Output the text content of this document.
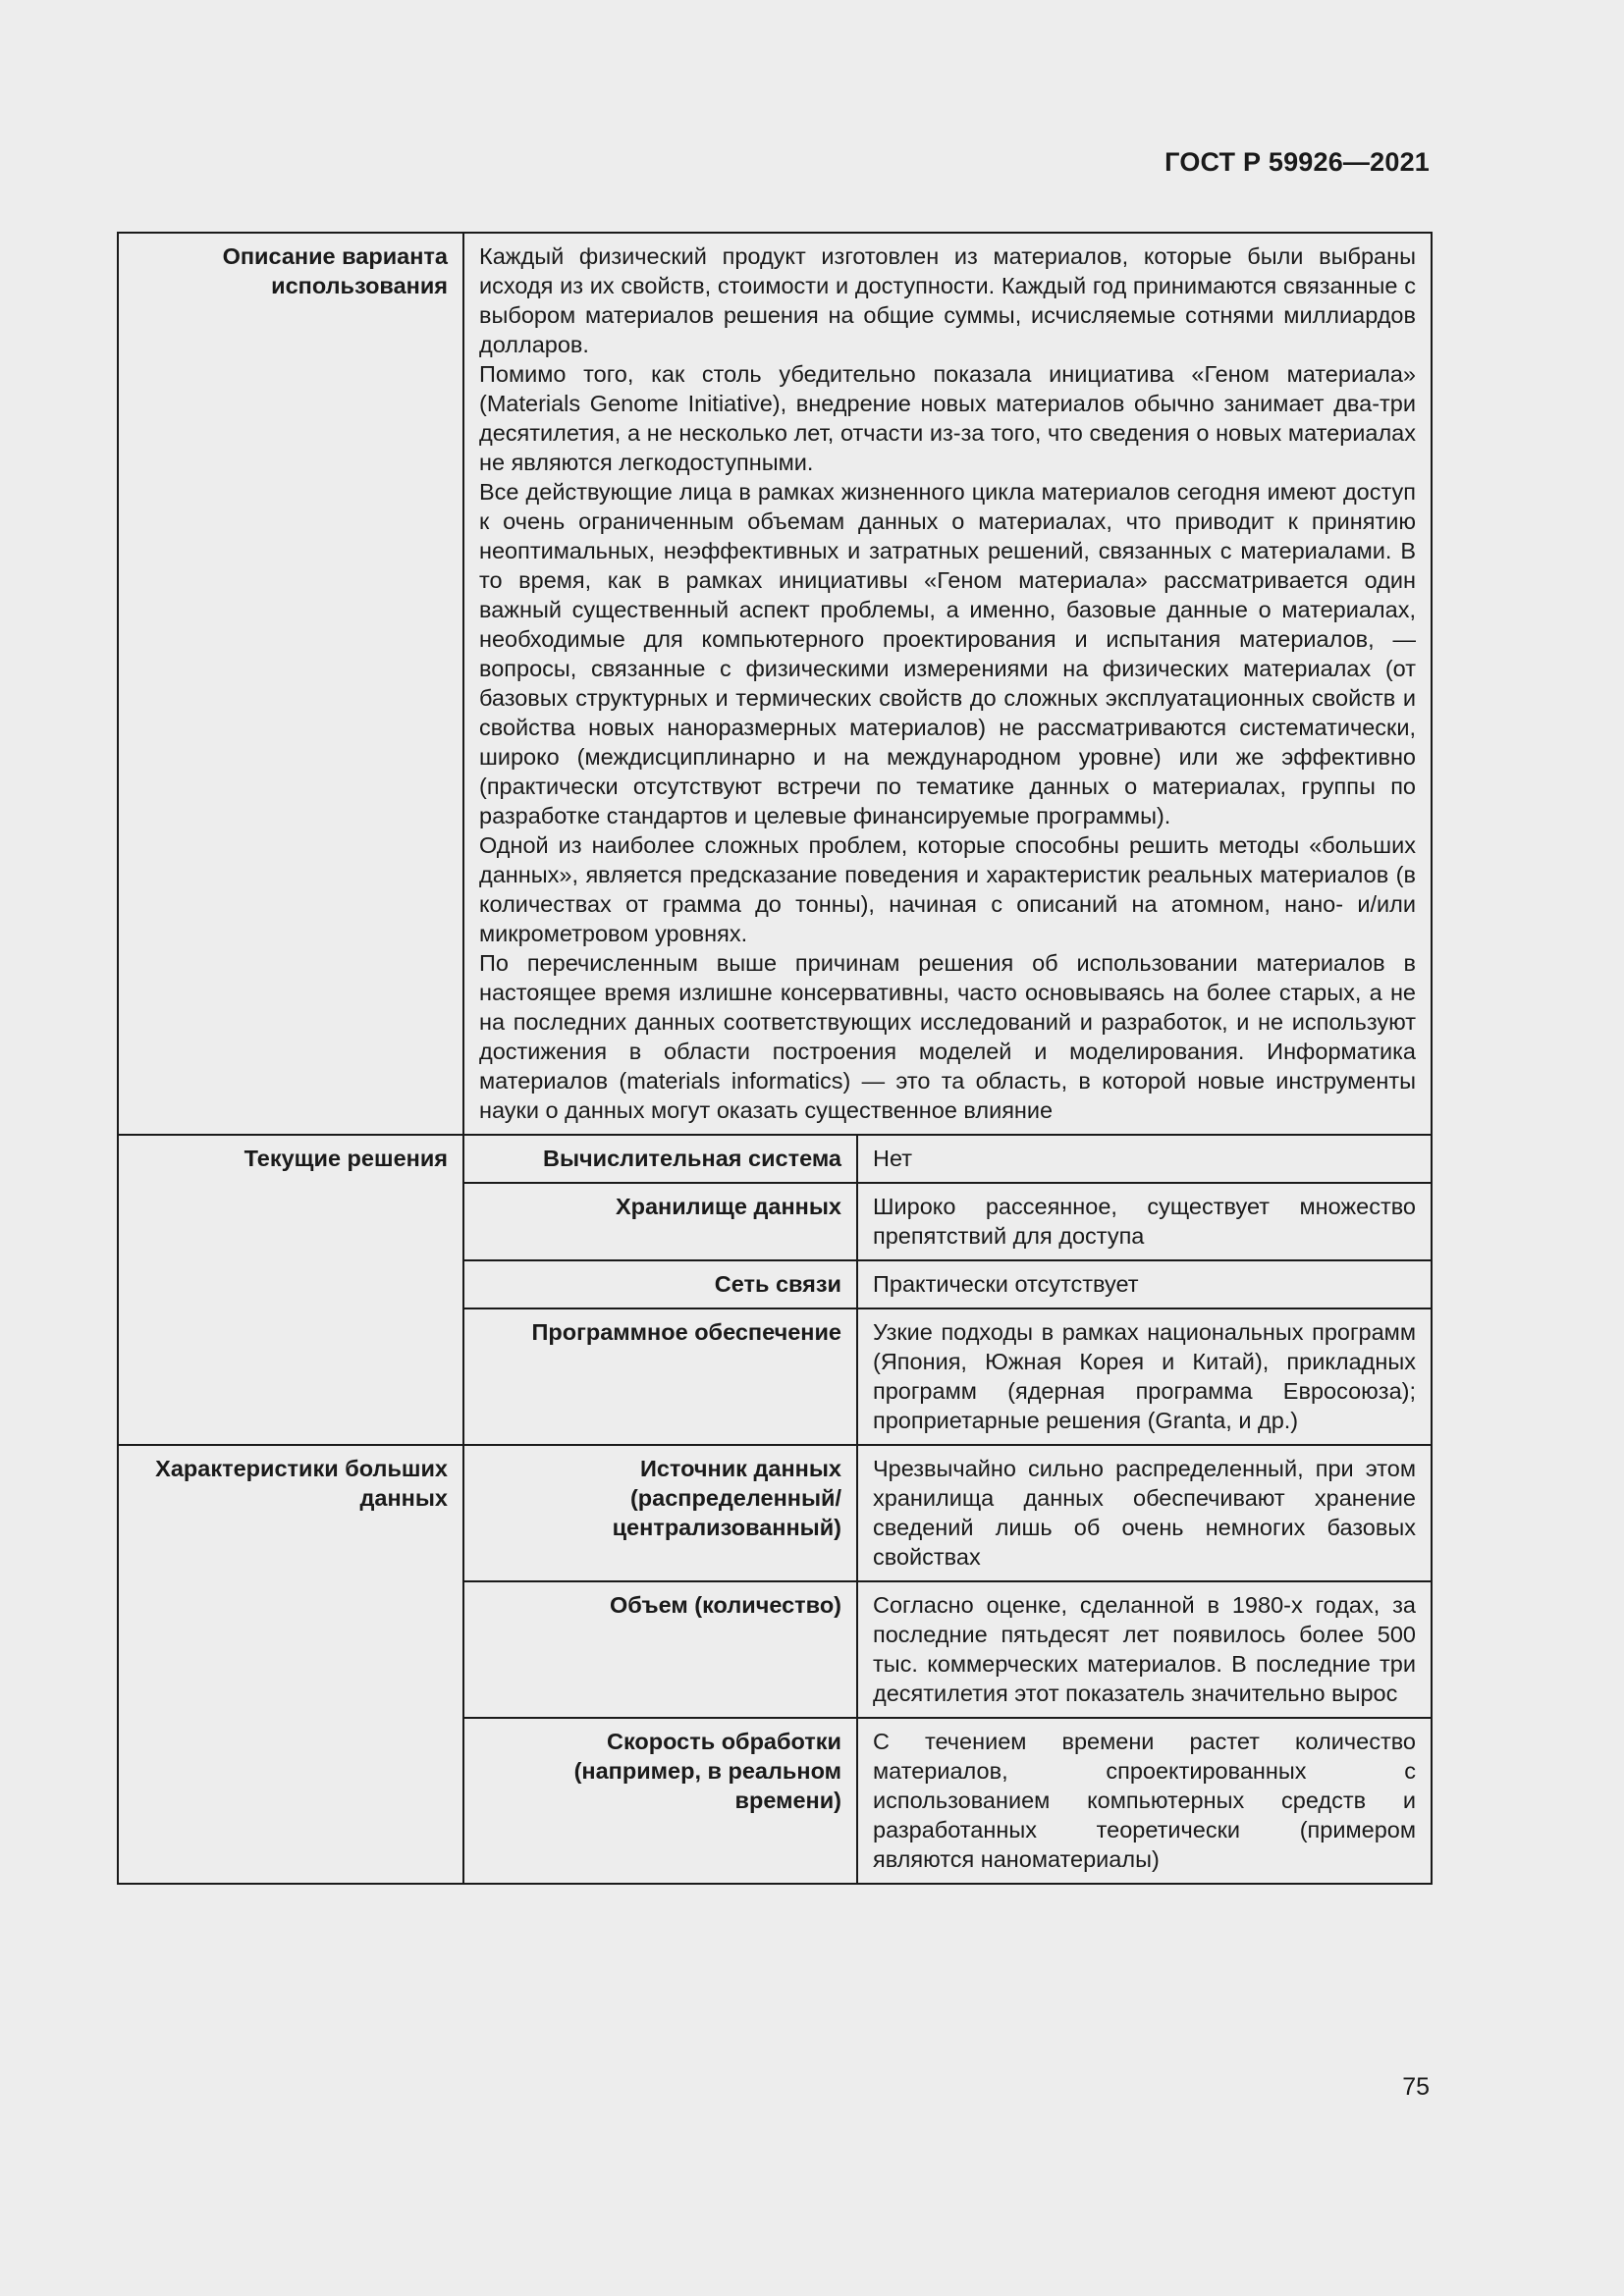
ГОСТ Р 59926—2021
Описание варианта использования	Каждый физический продукт изготовлен из материалов, которые были выбраны исходя из их свойств, стоимости и доступности. Каждый год принимаются связанные с выбором материалов решения на общие суммы, исчисляемые сотнями миллиардов долларов.

Помимо того, как столь убедительно показала инициатива «Геном материала» (Materials Genome Initiative), внедрение новых материалов обычно занимает два-три десятилетия, а не несколько лет, отчасти из-за того, что сведения о новых материалах не являются легкодоступными.

Все действующие лица в рамках жизненного цикла материалов сегодня имеют доступ к очень ограниченным объемам данных о материалах, что приводит к принятию неоптимальных, неэффективных и затратных решений, связанных с материалами. В то время, как в рамках инициативы «Геном материала» рассматривается один важный существенный аспект проблемы, а именно, базовые данные о материалах, необходимые для компьютерного проектирования и испытания материалов, — вопросы, связанные с физическими измерениями на физических материалах (от базовых структурных и термических свойств до сложных эксплуатационных свойств и свойства новых наноразмерных материалов) не рассматриваются систематически, широко (междисциплинарно и на международном уровне) или же эффективно (практически отсутствуют встречи по тематике данных о материалах, группы по разработке стандартов и целевые финансируемые программы).

Одной из наиболее сложных проблем, которые способны решить методы «больших данных», является предсказание поведения и характеристик реальных материалов (в количествах от грамма до тонны), начиная с описаний на атомном, нано- и/или микрометровом уровнях.

По перечисленным выше причинам решения об использовании материалов в настоящее время излишне консервативны, часто основываясь на более старых, а не на последних данных соответствующих исследований и разработок, и не используют достижения в области построения моделей и моделирования. Информатика материалов (materials informatics) — это та область, в которой новые инструменты науки о данных могут оказать существенное влияние	

Текущие решения	Вычислительная система	Нет
	Хранилище данных	Широко рассеянное, существует множество препятствий для доступа
	Сеть связи	Практически отсутствует
	Программное обеспечение	Узкие подходы в рамках национальных программ (Япония, Южная Корея и Китай), прикладных программ (ядерная программа Евросоюза); проприетарные решения (Granta, и др.)
Характеристики больших данных	Источник данных (распределенный/ централизованный)	Чрезвычайно сильно распределенный, при этом хранилища данных обеспечивают хранение сведений лишь об очень немногих базовых свойствах
	Объем (количество)	Согласно оценке, сделанной в 1980-х годах, за последние пятьдесят лет появилось более 500 тыс. коммерческих материалов. В последние три десятилетия этот показатель значительно вырос
	Скорость обработки (например, в реальном времени)	С течением времени растет количество материалов, спроектированных с использованием компьютерных средств и разработанных теоретически (примером являются наноматериалы)
75
